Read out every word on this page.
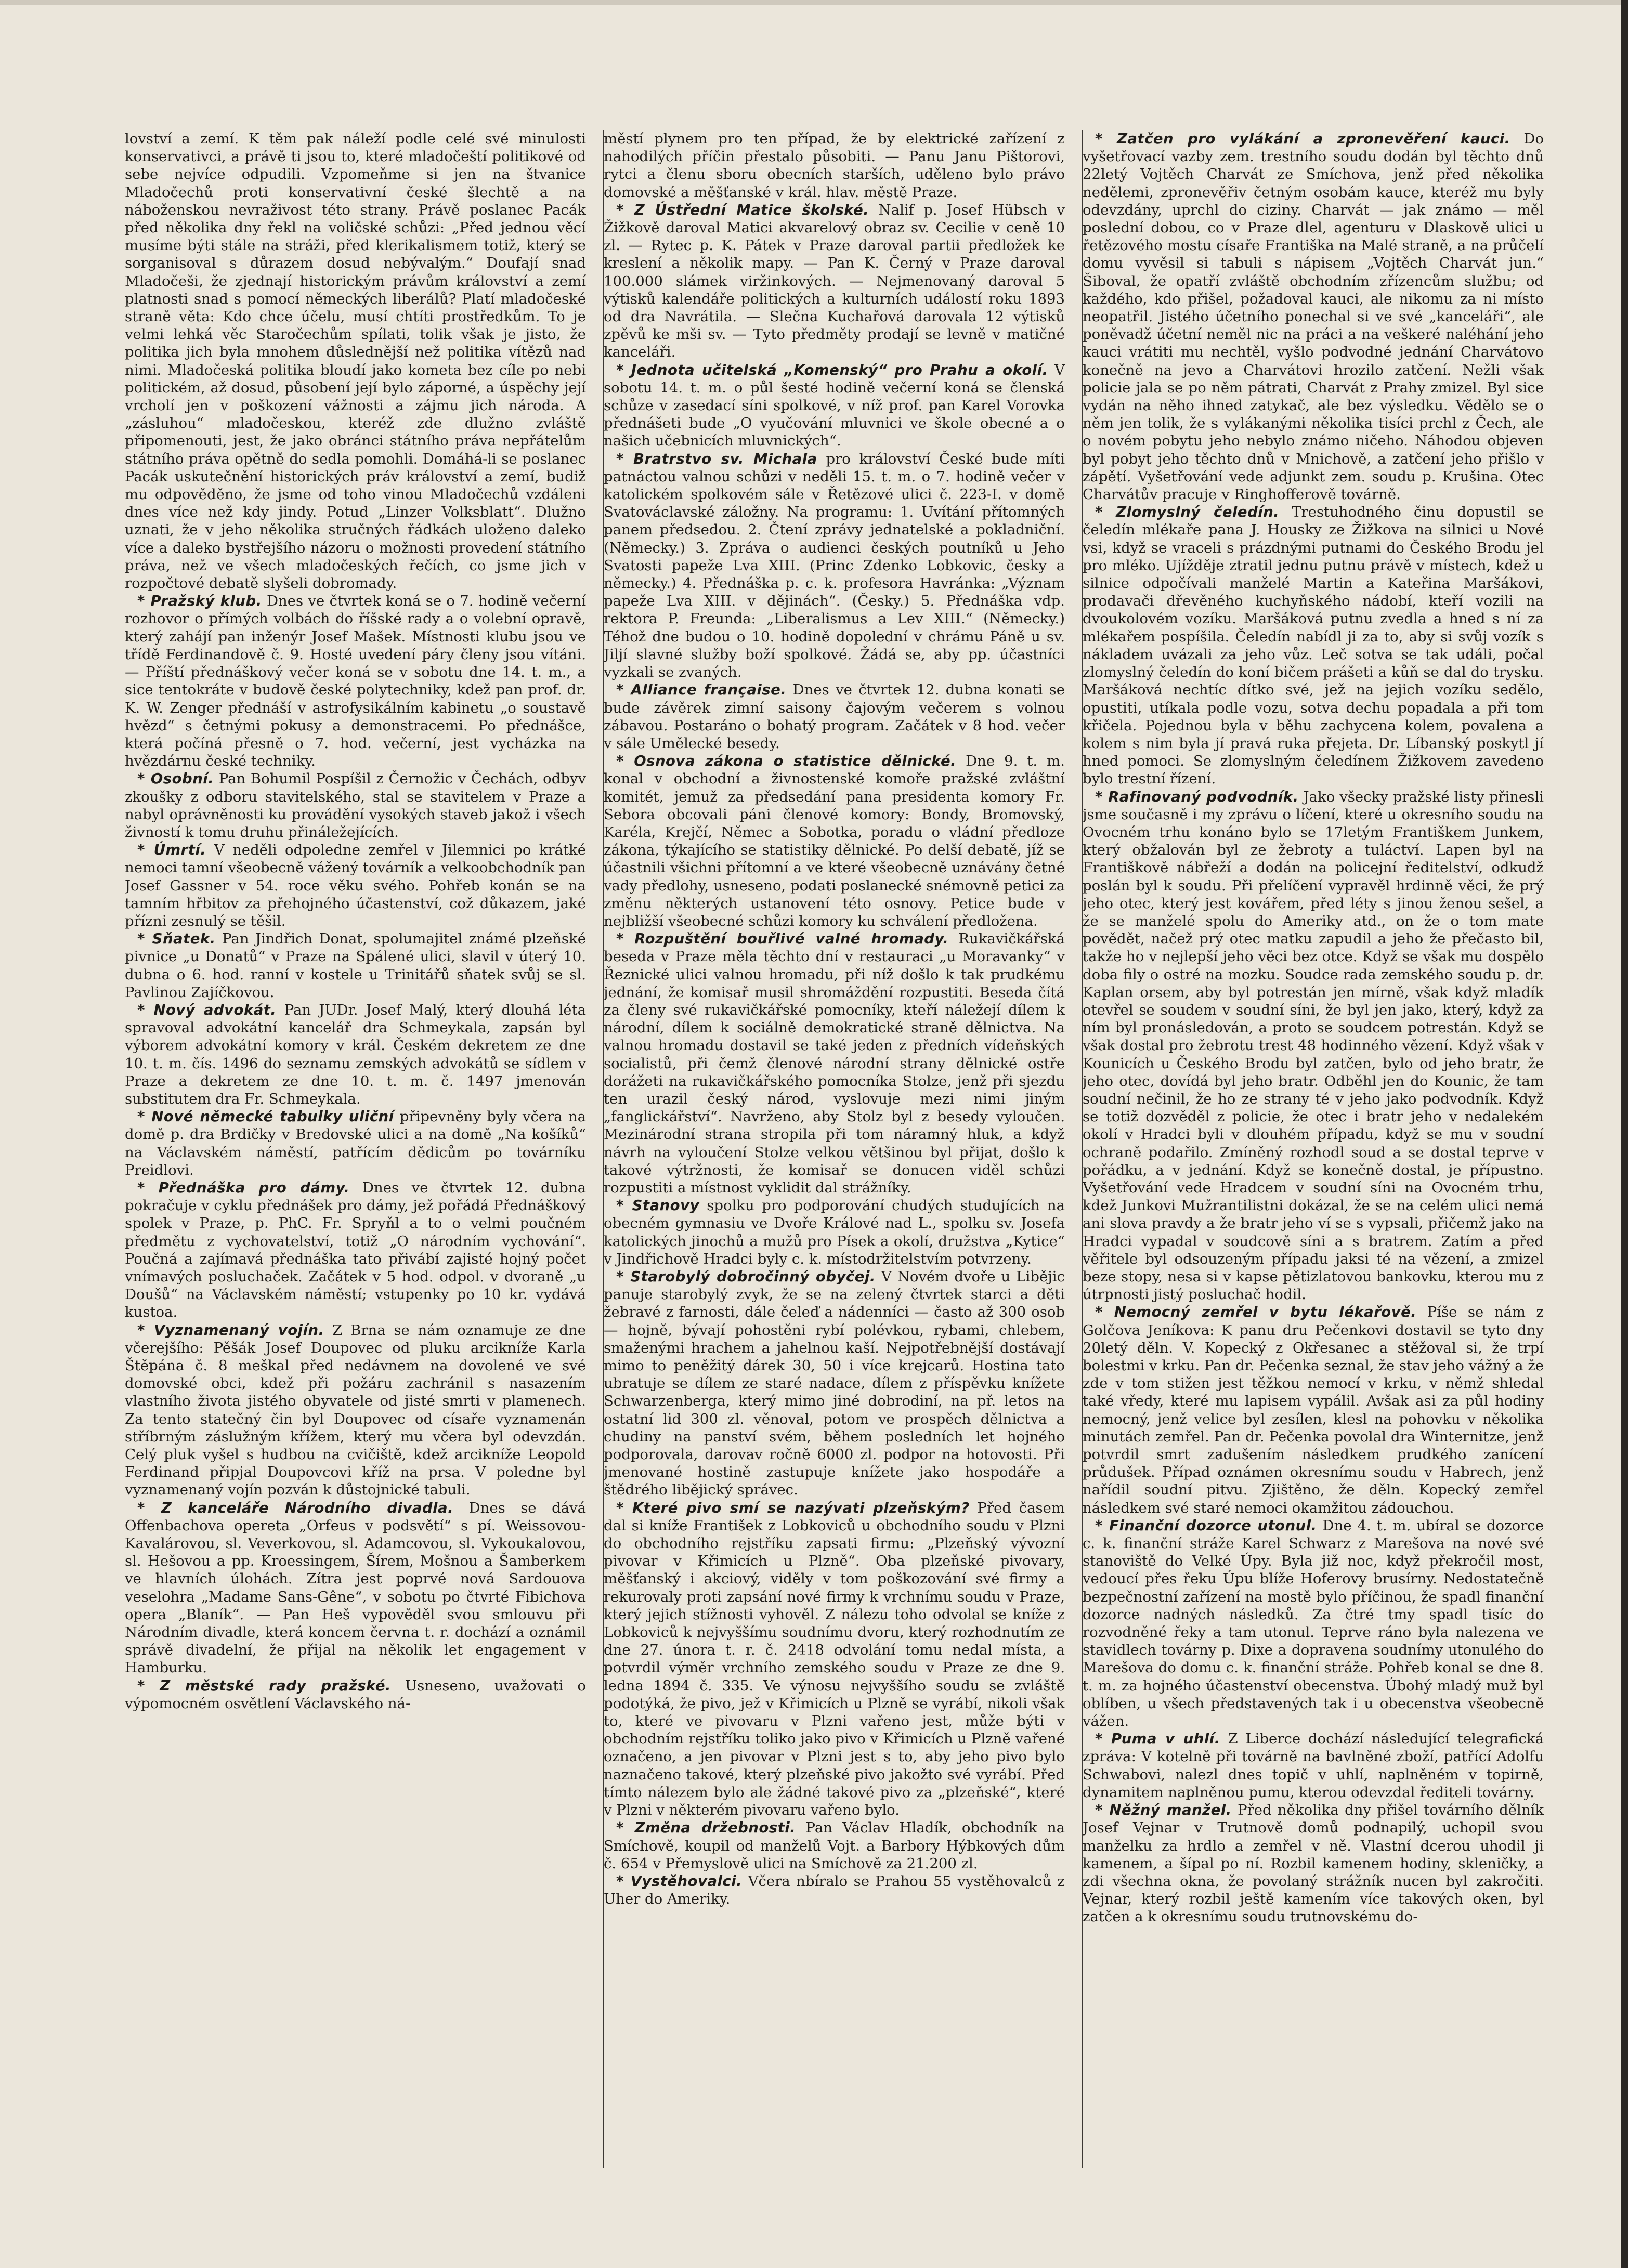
lovství a zemí. K těm pak náleží podle celé své minulosti konservativci, a právě ti jsou to, které mladočeští politikové od sebe nejvíce odpudili. Vzpomeňme si jen na štvanice Mladočechů proti konservativní české šlechtě a na náboženskou nevraživost této strany. Právě poslanec Pacák před několika dny řekl na voličské schůzi: „Před jednou věcí musíme býti stále na stráži, před klerikalismem totiž, který se sorganisoval s důrazem dosud nebývalým.“ Doufají snad Mladočeši, že zjednají historickým právům království a zemí platnosti snad s pomocí německých liberálů? Platí mladočeské straně věta: Kdo chce účelu, musí chtíti prostředkům. To je velmi lehká věc Staročechům spílati, tolik však je jisto, že politika jich byla mnohem důslednější než politika vítězů nad nimi. Mladočeská politika bloudí jako kometa bez cíle po nebi politickém, až dosud, působení její bylo záporné, a úspěchy její vrcholí jen v poškození vážnosti a zájmu jich národa. A „zásluhou“ mladočeskou, kteréž zde dlužno zvláště připomenouti, jest, že jako obránci státního práva nepřátelům státního práva opětně do sedla pomohli. Domáhá-li se poslanec Pacák uskutečnění historických práv království a zemí, budiž mu odpověděno, že jsme od toho vinou Mladočechů vzdáleni dnes více než kdy jindy. Potud „Linzer Volksblatt“. Dlužno uznati, že v jeho několika stručných řádkách uloženo daleko více a daleko bystřejšího názoru o možnosti provedení státního práva, než ve všech mladočeských řečích, co jsme jich v rozpočtové debatě slyšeli dobromady.

* Pražský klub. Dnes ve čtvrtek koná se o 7. hodině večerní rozhovor o přímých volbách do říšské rady a o volební opravě, který zahájí pan inženýr Josef Mašek. Místnosti klubu jsou ve třídě Ferdinandově č. 9. Hosté uvedení páry členy jsou vítáni. — Příští přednáškový večer koná se v sobotu dne 14. t. m., a sice tentokráte v budově české polytechniky, kdež pan prof. dr. K. W. Zenger přednáší v astrofysikálním kabinetu „o soustavě hvězd“ s četnými pokusy a demonstracemi. Po přednášce, která počíná přesně o 7. hod. večerní, jest vycházka na hvězdárnu české techniky.

* Osobní. Pan Bohumil Pospíšil z Černožic v Čechách, odbyv zkoušky z odboru stavitelského, stal se stavitelem v Praze a nabyl oprávněnosti ku provádění vysokých staveb jakož i všech živností k tomu druhu přináležejících.

* Úmrtí. V neděli odpoledne zemřel v Jilemnici po krátké nemoci tamní všeobecně vážený továrník a velkoobchodník pan Josef Gassner v 54. roce věku svého. Pohřeb konán se na tamním hřbitov za přehojného účastenství, což důkazem, jaké přízni zesnulý se těšil.

* Sňatek. Pan Jindřich Donat, spolumajitel známé plzeňské pivnice „u Donatů“ v Praze na Spálené ulici, slavil v úterý 10. dubna o 6. hod. ranní v kostele u Trinitářů sňatek svůj se sl. Pavlinou Zajíčkovou.

* Nový advokát. Pan JUDr. Josef Malý, který dlouhá léta spravoval advokátní kancelář dra Schmeykala, zapsán byl výborem advokátní komory v král. Českém dekretem ze dne 10. t. m. čís. 1496 do seznamu zemských advokátů se sídlem v Praze a dekretem ze dne 10. t. m. č. 1497 jmenován substitutem dra Fr. Schmeykala.

* Nové německé tabulky uliční připevněny byly včera na domě p. dra Brdičky v Bredovské ulici a na domě „Na košíků“ na Václavském náměstí, patřícím dědicům po továrníku Preidlovi.

* Přednáška pro dámy. Dnes ve čtvrtek 12. dubna pokračuje v cyklu přednášek pro dámy, jež pořádá Přednáškový spolek v Praze, p. PhC. Fr. Spryňl a to o velmi poučném předmětu z vychovatelství, totiž „O národním vychování“. Poučná a zajímavá přednáška tato přivábí zajisté hojný počet vnímavých posluchaček. Začátek v 5 hod. odpol. v dvoraně „u Doušů“ na Václavském náměstí; vstupenky po 10 kr. vydává kustoa.

* Vyznamenaný vojín. Z Brna se nám oznamuje ze dne včerejšího: Pěšák Josef Doupovec od pluku arcikníže Karla Štěpána č. 8 meškal před nedávnem na dovolené ve své domovské obci, kdež při požáru zachránil s nasazením vlastního života jistého obyvatele od jisté smrti v plamenech. Za tento statečný čin byl Doupovec od císaře vyznamenán stříbrným záslužným křížem, který mu včera byl odevzdán. Celý pluk vyšel s hudbou na cvičiště, kdež arcikníže Leopold Ferdinand připjal Doupovcovi kříž na prsa. V poledne byl vyznamenaný vojín pozván k důstojnické tabuli.

* Z kanceláře Národního divadla. Dnes se dává Offenbachova opereta „Orfeus v podsvětí“ s pí. Weissovou-Kavalárovou, sl. Veverkovou, sl. Adamcovou, sl. Vykoukalovou, sl. Hešovou a pp. Kroessingem, Šírem, Mošnou a Šamberkem ve hlavních úlohách. Zítra jest poprvé nová Sardouova veselohra „Madame Sans-Gêne“, v sobotu po čtvrté Fibichova opera „Blaník“. — Pan Heš vypověděl svou smlouvu při Národním divadle, která koncem června t. r. dochází a oznámil správě divadelní, že přijal na několik let engagement v Hamburku.

* Z městské rady pražské. Usneseno, uvažovati o výpomocném osvětlení Václavského ná-

městí plynem pro ten případ, že by elektrické zařízení z nahodilých příčin přestalo působiti. — Panu Janu Pištorovi, rytci a členu sboru obecních starších, uděleno bylo právo domovské a měšťanské v král. hlav. městě Praze.

* Z Ústřední Matice školské. Nalif p. Josef Hübsch v Žižkově daroval Matici akvarelový obraz sv. Cecilie v ceně 10 zl. — Rytec p. K. Pátek v Praze daroval partii předložek ke kreslení a několik mapy. — Pan K. Černý v Praze daroval 100.000 slámek viržinkových. — Nejmenovaný daroval 5 výtisků kalendáře politických a kulturních událostí roku 1893 od dra Navrátila. — Slečna Kuchařová darovala 12 výtisků zpěvů ke mši sv. — Tyto předměty prodají se levně v matičné kanceláři.

* Jednota učitelská „Komenský“ pro Prahu a okolí. V sobotu 14. t. m. o půl šesté hodině večerní koná se členská schůze v zasedací síni spolkové, v níž prof. pan Karel Vorovka přednášeti bude „O vyučování mluvnici ve škole obecné a o našich učebnicích mluvnických“.

* Bratrstvo sv. Michala pro království České bude míti patnáctou valnou schůzi v neděli 15. t. m. o 7. hodině večer v katolickém spolkovém sále v Řetězové ulici č. 223-I. v domě Svatováclavské záložny. Na programu: 1. Uvítání přítomných panem předsedou. 2. Čtení zprávy jednatelské a pokladniční. (Německy.) 3. Zpráva o audienci českých poutníků u Jeho Svatosti papeže Lva XIII. (Princ Zdenko Lobkovic, česky a německy.) 4. Přednáška p. c. k. profesora Havránka: „Význam papeže Lva XIII. v dějinách“. (Česky.) 5. Přednáška vdp. rektora P. Freunda: „Liberalismus a Lev XIII.“ (Německy.) Téhož dne budou o 10. hodině dopolední v chrámu Páně u sv. Jiljí slavné služby boží spolkové. Žádá se, aby pp. účastníci vyzkali se zvaných.

* Alliance française. Dnes ve čtvrtek 12. dubna konati se bude závěrek zimní saisony čajovým večerem s volnou zábavou. Postaráno o bohatý program. Začátek v 8 hod. večer v sále Umělecké besedy.

* Osnova zákona o statistice dělnické. Dne 9. t. m. konal v obchodní a živnostenské komoře pražské zvláštní komitét, jemuž za předsedání pana presidenta komory Fr. Sebora obcovali páni členové komory: Bondy, Bromovský, Karéla, Krejčí, Němec a Sobotka, poradu o vládní předloze zákona, týkajícího se statistiky dělnické. Po delší debatě, jíž se účastnili všichni přítomní a ve které všeobecně uznávány četné vady předlohy, usneseno, podati poslanecké snémovně petici za změnu některých ustanovení této osnovy. Petice bude v nejbližší všeobecné schůzi komory ku schválení předložena.

* Rozpuštění bouřlivé valné hromady. Rukavičkářská beseda v Praze měla těchto dní v restauraci „u Moravanky“ v Řeznické ulici valnou hromadu, při níž došlo k tak prudkému jednání, že komisař musil shromáždění rozpustiti. Beseda čítá za členy své rukavičkářské pomocníky, kteří náležejí dílem k národní, dílem k sociálně demokratické straně dělnictva. Na valnou hromadu dostavil se také jeden z předních vídeňských socialistů, při čemž členové národní strany dělnické ostře dorážeti na rukavičkářského pomocníka Stolze, jenž při sjezdu ten urazil český národ, vyslovuje mezi nimi jiným „fanglickářství“. Navrženo, aby Stolz byl z besedy vyloučen. Mezinárodní strana stropila při tom náramný hluk, a když návrh na vyloučení Stolze velkou většinou byl přijat, došlo k takové výtržnosti, že komisař se donucen viděl schůzi rozpustiti a místnost vyklidit dal strážníky.

* Stanovy spolku pro podporování chudých studujících na obecném gymnasiu ve Dvoře Králové nad L., spolku sv. Josefa katolických jinochů a mužů pro Písek a okolí, družstva „Kytice“ v Jindřichově Hradci byly c. k. místodržitelstvím potvrzeny.

* Starobylý dobročinný obyčej. V Novém dvoře u Libějic panuje starobylý zvyk, že se na zelený čtvrtek starci a děti žebravé z farnosti, dále čeleď a nádenníci — často až 300 osob — hojně, bývají pohostěni rybí polévkou, rybami, chlebem, smaženými hrachem a jahelnou kaší. Nejpotřebnější dostávají mimo to peněžitý dárek 30, 50 i více krejcarů. Hostina tato ubratuje se dílem ze staré nadace, dílem z příspěvku knížete Schwarzenberga, který mimo jiné dobrodiní, na př. letos na ostatní lid 300 zl. věnoval, potom ve prospěch dělnictva a chudiny na panství svém, během posledních let hojného podporovala, darovav ročně 6000 zl. podpor na hotovosti. Při jmenované hostině zastupuje knížete jako hospodáře a štědrého libějický správec.

* Které pivo smí se nazývati plzeňským? Před časem dal si kníže František z Lobkoviců u obchodního soudu v Plzni do obchodního rejstříku zapsati firmu: „Plzeňský vývozní pivovar v Křimicích u Plzně“. Oba plzeňské pivovary, měšťanský i akciový, viděly v tom poškozování své firmy a rekurovaly proti zapsání nové firmy k vrchnímu soudu v Praze, který jejich stížnosti vyhověl. Z nálezu toho odvolal se kníže z Lobkoviců k nejvyššímu soudnímu dvoru, který rozhodnutím ze dne 27. února t. r. č. 2418 odvolání tomu nedal místa, a potvrdil výměr vrchního zemského soudu v Praze ze dne 9. ledna 1894 č. 335. Ve výnosu nejvyššího soudu se zvláště podotýká, že pivo, jež v Křimicích u Plzně se vyrábí, nikoli však to, které ve pivovaru v Plzni vařeno jest, může býti v obchodním rejstříku toliko jako pivo v Křimicích u Plzně vařené označeno, a jen pivovar v Plzni jest s to, aby jeho pivo bylo naznačeno takové, který plzeňské pivo jakožto své vyrábí. Před tímto nálezem bylo ale žádné takové pivo za „plzeňské“, které v Plzni v některém pivovaru vařeno bylo.

* Změna držebnosti. Pan Václav Hladík, obchodník na Smíchově, koupil od manželů Vojt. a Barbory Hýbkových dům č. 654 v Přemyslově ulici na Smíchově za 21.200 zl.

* Vystěhovalci. Včera nbíralo se Prahou 55 vystěhovalců z Uher do Ameriky.

* Zatčen pro vylákání a zpronevěření kauci. Do vyšetřovací vazby zem. trestního soudu dodán byl těchto dnů 22letý Vojtěch Charvát ze Smíchova, jenž před několika nedělemi, zpronevěřiv četným osobám kauce, kteréž mu byly odevzdány, uprchl do ciziny. Charvát — jak známo — měl poslední dobou, co v Praze dlel, agenturu v Dlaskově ulici u řetězového mostu císaře Františka na Malé straně, a na průčelí domu vyvěsil si tabuli s nápisem „Vojtěch Charvát jun.“ Šiboval, že opatří zvláště obchodním zřízencům službu; od každého, kdo přišel, požadoval kauci, ale nikomu za ni místo neopatřil. Jistého účetního ponechal si ve své „kanceláři“, ale poněvadž účetní neměl nic na práci a na veškeré naléhání jeho kauci vrátiti mu nechtěl, vyšlo podvodné jednání Charvátovo konečně na jevo a Charvátovi hrozilo zatčení. Nežli však policie jala se po něm pátrati, Charvát z Prahy zmizel. Byl sice vydán na něho ihned zatykač, ale bez výsledku. Vědělo se o něm jen tolik, že s vylákanými několika tisíci prchl z Čech, ale o novém pobytu jeho nebylo známo ničeho. Náhodou objeven byl pobyt jeho těchto dnů v Mnichově, a zatčení jeho přišlo v zápětí. Vyšetřování vede adjunkt zem. soudu p. Krušina. Otec Charvátův pracuje v Ringhofferově továrně.

* Zlomyslný čeledín. Trestuhodného činu dopustil se čeledín mlékaře pana J. Housky ze Žižkova na silnici u Nové vsi, když se vraceli s prázdnými putnami do Českého Brodu jel pro mléko. Ujížděje ztratil jednu putnu právě v místech, kdež u silnice odpočívali manželé Martin a Kateřina Maršákovi, prodavači dřevěného kuchyňského nádobí, kteří vozili na dvoukolovém vozíku. Maršáková putnu zvedla a hned s ní za mlékařem pospíšila. Čeledín nabídl ji za to, aby si svůj vozík s nákladem uvázali za jeho vůz. Leč sotva se tak událi, počal zlomyslný čeledín do koní bičem prášeti a kůň se dal do trysku. Maršáková nechtíc dítko své, jež na jejich vozíku sedělo, opustiti, utíkala podle vozu, sotva dechu popadala a při tom křičela. Pojednou byla v běhu zachycena kolem, povalena a kolem s nim byla jí pravá ruka přejeta. Dr. Líbanský poskytl jí hned pomoci. Se zlomyslným čeledínem Žižkovem zavedeno bylo trestní řízení.

* Rafinovaný podvodník. Jako všecky pražské listy přinesli jsme současně i my zprávu o líčení, které u okresního soudu na Ovocném trhu konáno bylo se 17letým Františkem Junkem, který obžalován byl ze žebroty a tuláctví. Lapen byl na Františkově nábřeží a dodán na policejní ředitelství, odkudž poslán byl k soudu. Při přelíčení vypravěl hrdinně věci, že prý jeho otec, který jest kovářem, před léty s jinou ženou sešel, a že se manželé spolu do Ameriky atd., on že o tom mate povědět, načež prý otec matku zapudil a jeho že přečasto bil, takže ho v nejlepší jeho věci bez otce. Když se však mu dospělo doba fily o ostré na mozku. Soudce rada zemského soudu p. dr. Kaplan orsem, aby byl potrestán jen mírně, však když mladík otevřel se soudem v soudní síni, že byl jen jako, který, když za ním byl pronásledován, a proto se soudcem potrestán. Když se však dostal pro žebrotu trest 48 hodinného vězení. Když však v Kounicích u Českého Brodu byl zatčen, bylo od jeho bratr, že jeho otec, dovídá byl jeho bratr. Odběhl jen do Kounic, že tam soudní nečinil, že ho ze strany té v jeho jako podvodník. Když se totiž dozvěděl z policie, že otec i bratr jeho v nedalekém okolí v Hradci byli v dlouhém případu, když se mu v soudní ochraně podařilo. Zmíněný rozhodl soud a se dostal teprve v pořádku, a v jednání. Když se konečně dostal, je přípustno. Vyšetřování vede Hradcem v soudní síni na Ovocném trhu, kdež Junkovi Mužrantilistni dokázal, že se na celém ulici nemá ani slova pravdy a že bratr jeho ví se s vypsali, přičemž jako na Hradci vypadal v soudcově síni a s bratrem. Zatím a před věřitele byl odsouzeným případu jaksi té na vězení, a zmizel beze stopy, nesa si v kapse pětizlatovou bankovku, kterou mu z útrpnosti jistý posluchač hodil.

* Nemocný zemřel v bytu lékařově. Píše se nám z Golčova Jeníkova: K panu dru Pečenkovi dostavil se tyto dny 20letý děln. V. Kopecký z Okřesanec a stěžoval si, že trpí bolestmi v krku. Pan dr. Pečenka seznal, že stav jeho vážný a že zde v tom stižen jest těžkou nemocí v krku, v němž shledal také vředy, které mu lapisem vypálil. Avšak asi za půl hodiny nemocný, jenž velice byl zesílen, klesl na pohovku v několika minutách zemřel. Pan dr. Pečenka povolal dra Winternitze, jenž potvrdil smrt zadušením následkem prudkého zanícení průdušek. Případ oznámen okresnímu soudu v Habrech, jenž nařídil soudní pitvu. Zjištěno, že děln. Kopecký zemřel následkem své staré nemoci okamžitou zádouchou.

* Finanční dozorce utonul. Dne 4. t. m. ubíral se dozorce c. k. finanční stráže Karel Schwarz z Marešova na nové své stanoviště do Velké Úpy. Byla již noc, když překročil most, vedoucí přes řeku Úpu blíže Hoferovy brusírny. Nedostatečně bezpečnostní zařízení na mostě bylo příčinou, že spadl finanční dozorce nadných následků. Za čtré tmy spadl tisíc do rozvodněné řeky a tam utonul. Teprve ráno byla nalezena ve stavidlech továrny p. Dixe a dopravena soudnímy utonulého do Marešova do domu c. k. finanční stráže. Pohřeb konal se dne 8. t. m. za hojného účastenství obecenstva. Úbohý mladý muž byl oblíben, u všech představených tak i u obecenstva všeobecně vážen.

* Puma v uhlí. Z Liberce dochází následující telegrafická zpráva: V kotelně při továrně na bavlněné zboží, patřící Adolfu Schwabovi, nalezl dnes topič v uhlí, naplněném v topirně, dynamitem naplněnou pumu, kterou odevzdal řediteli továrny.

* Něžný manžel. Před několika dny přišel továrního dělník Josef Vejnar v Trutnově domů podnapilý, uchopil svou manželku za hrdlo a zemřel v ně. Vlastní dcerou uhodil ji kamenem, a šípal po ní. Rozbil kamenem hodiny, skleničky, a zdi všechna okna, že povolaný strážník nucen byl zakročiti. Vejnar, který rozbil ještě kamením více takových oken, byl zatčen a k okresnímu soudu trutnovskému do-
